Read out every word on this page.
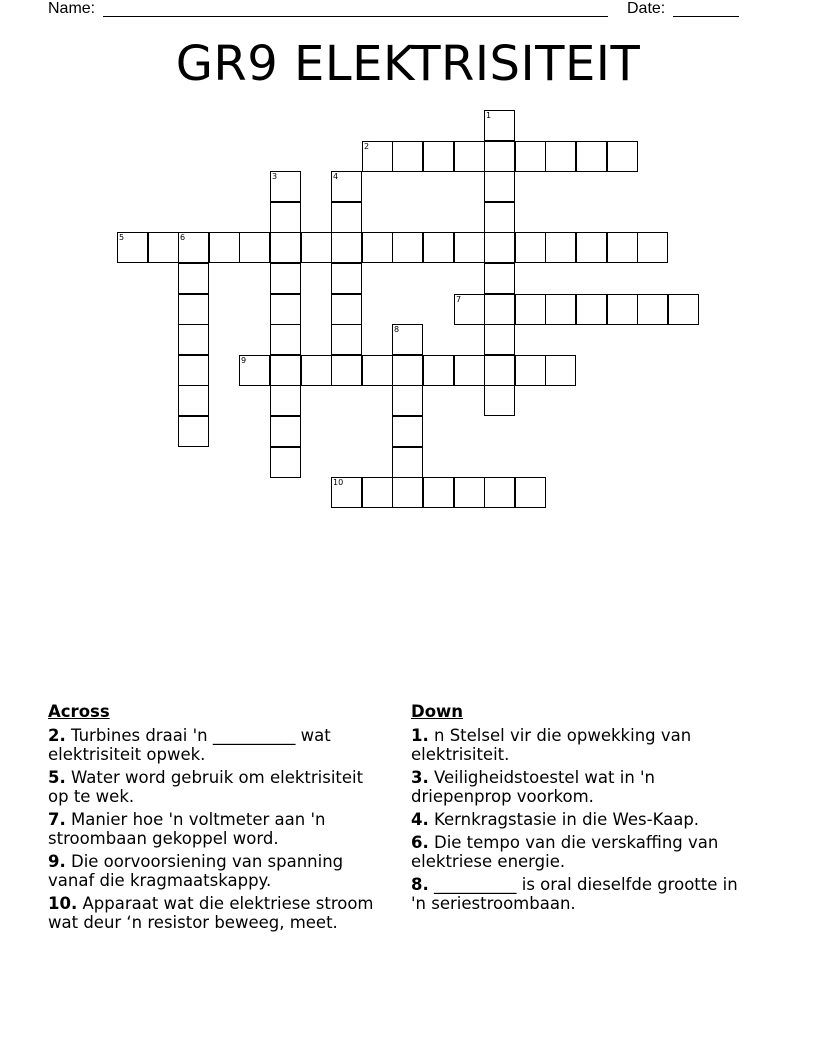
Name:	Date:
GR9 ELEKTRISITEIT
1
2
3	4
5	6
7
8
9
10
Across
2. Turbines draai 'n __________ wat elektrisiteit opwek.
5. Water word gebruik om elektrisiteit op te wek.
7. Manier hoe 'n voltmeter aan 'n stroombaan gekoppel word.
9. Die oorvoorsiening van spanning vanaf die kragmaatskappy.
10. Apparaat wat die elektriese stroom wat deur ‘n resistor beweeg, meet.
Down
1. n Stelsel vir die opwekking van elektrisiteit.
3. Veiligheidstoestel wat in 'n driepenprop voorkom.
4. Kernkragstasie in die Wes-Kaap.
6. Die tempo van die verskaffing van elektriese energie.
8. __________ is oral dieselfde grootte in 'n seriestroombaan.
